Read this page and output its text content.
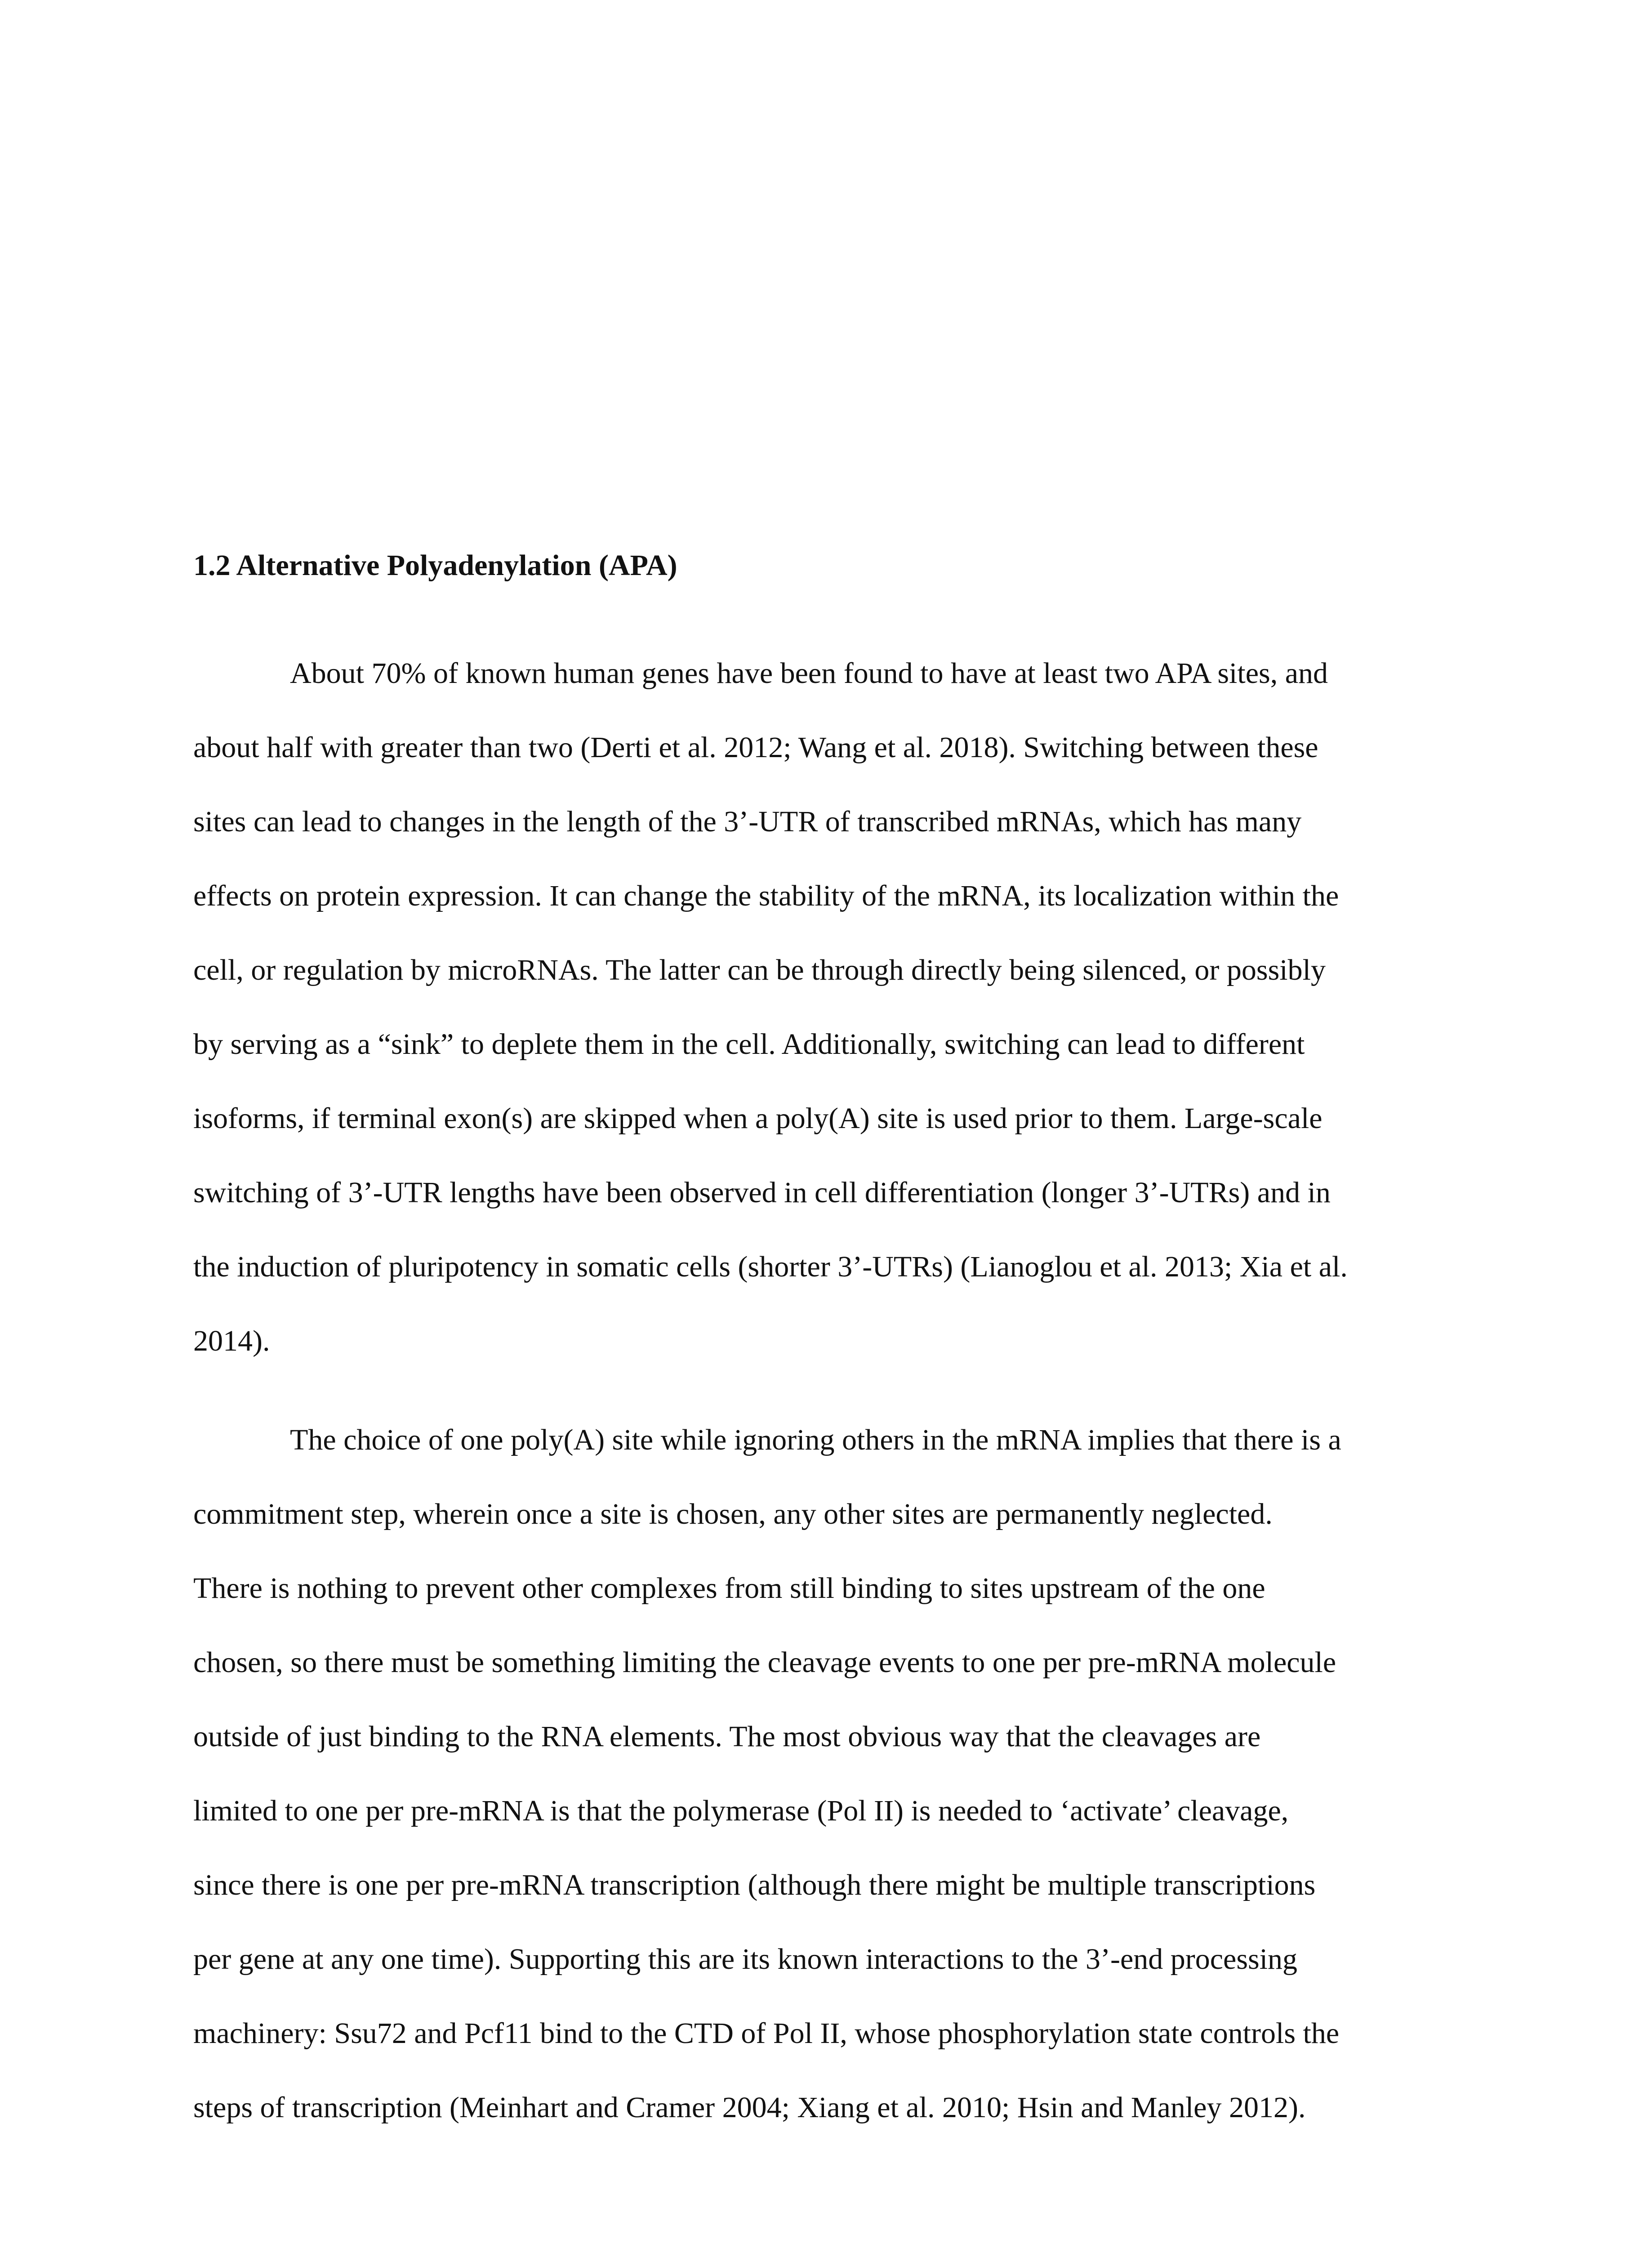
1.2 Alternative Polyadenylation (APA)

About 70% of known human genes have been found to have at least two APA sites, and

about half with greater than two (Derti et al. 2012; Wang et al. 2018). Switching between these

sites can lead to changes in the length of the 3’-UTR of transcribed mRNAs, which has many

effects on protein expression. It can change the stability of the mRNA, its localization within the

cell, or regulation by microRNAs. The latter can be through directly being silenced, or possibly

by serving as a “sink” to deplete them in the cell. Additionally, switching can lead to different

isoforms, if terminal exon(s) are skipped when a poly(A) site is used prior to them. Large-scale

switching of 3’-UTR lengths have been observed in cell differentiation (longer 3’-UTRs) and in

the induction of pluripotency in somatic cells (shorter 3’-UTRs) (Lianoglou et al. 2013; Xia et al.

2014).

The choice of one poly(A) site while ignoring others in the mRNA implies that there is a

commitment step, wherein once a site is chosen, any other sites are permanently neglected.

There is nothing to prevent other complexes from still binding to sites upstream of the one

chosen, so there must be something limiting the cleavage events to one per pre-mRNA molecule

outside of just binding to the RNA elements. The most obvious way that the cleavages are

limited to one per pre-mRNA is that the polymerase (Pol II) is needed to ‘activate’ cleavage,

since there is one per pre-mRNA transcription (although there might be multiple transcriptions

per gene at any one time). Supporting this are its known interactions to the 3’-end processing

machinery: Ssu72 and Pcf11 bind to the CTD of Pol II, whose phosphorylation state controls the

steps of transcription (Meinhart and Cramer 2004; Xiang et al. 2010; Hsin and Manley 2012).
